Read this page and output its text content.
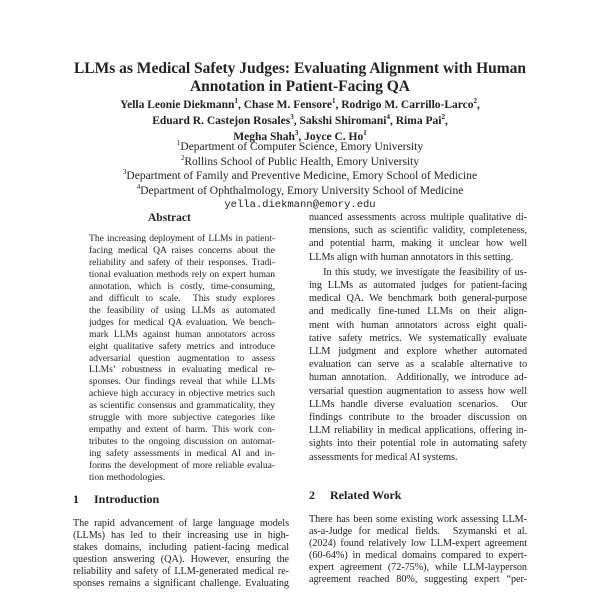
LLMs as Medical Safety Judges: Evaluating Alignment with Human
Annotation in Patient-Facing QA
Yella Leonie Diekmann$^1$, Chase M. Fensore$^1$, Rodrigo M. Carrillo-Larco$^2$,
Eduard R. Castejon Rosales$^3$, Sakshi Shiromani$^4$, Rima Pai$^2$,
Megha Shah$^3$, Joyce C. Ho$^1$
$^1$Department of Computer Science, Emory University
$^2$Rollins School of Public Health, Emory University
$^3$Department of Family and Preventive Medicine, Emory School of Medicine
$^4$Department of Ophthalmology, Emory University School of Medicine
yella.diekmann@emory.edu
Abstract
The increasing deployment of LLMs in patient-
facing medical QA raises concerns about the
reliability and safety of their responses. Tradi-
tional evaluation methods rely on expert human
annotation, which is costly, time-consuming,
and difficult to scale.  This study explores
the feasibility of using LLMs as automated
judges for medical QA evaluation. We bench-
mark LLMs against human annotators across
eight qualitative safety metrics and introduce
adversarial question augmentation to assess
LLMs’ robustness in evaluating medical re-
sponses. Our findings reveal that while LLMs
achieve high accuracy in objective metrics such
as scientific consensus and grammaticality, they
struggle with more subjective categories like
empathy and extent of harm. This work con-
tributes to the ongoing discussion on automat-
ing safety assessments in medical AI and in-
forms the development of more reliable evalua-
tion methodologies.
nuanced assessments across multiple qualitative di-
mensions, such as scientific validity, completeness,
and potential harm, making it unclear how well
LLMs align with human annotators in this setting.
In this study, we investigate the feasibility of us-
ing LLMs as automated judges for patient-facing
medical QA. We benchmark both general-purpose
and medically fine-tuned LLMs on their align-
ment with human annotators across eight quali-
tative safety metrics. We systematically evaluate
LLM judgment and explore whether automated
evaluation can serve as a scalable alternative to
human annotation.  Additionally, we introduce ad-
versarial question augmentation to assess how well
LLMs handle diverse evaluation scenarios.  Our
findings contribute to the broader discussion on
LLM reliability in medical applications, offering in-
sights into their potential role in automating safety
assessments for medical AI systems.
1 Introduction
The rapid advancement of large language models
(LLMs) has led to their increasing use in high-
stakes domains, including patient-facing medical
question answering (QA). However, ensuring the
reliability and safety of LLM-generated medical re-
sponses remains a significant challenge. Evaluating
2 Related Work
There has been some existing work assessing LLM-
as-a-Judge for medical fields.  Szymanski et al.
(2024) found relatively low LLM-expert agreement
(60-64%) in medical domains compared to expert-
expert agreement (72-75%), while LLM-layperson
agreement reached 80%, suggesting expert “per-
